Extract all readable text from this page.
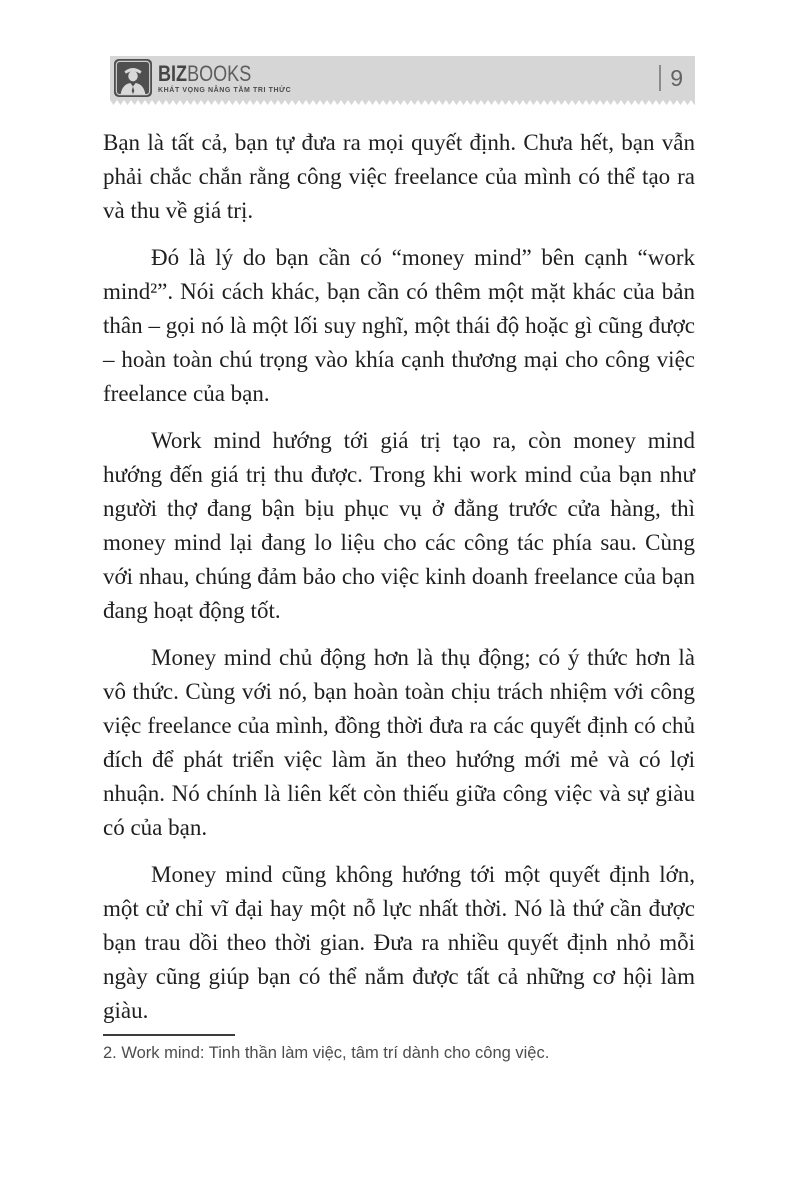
BIZBOOKS
KHÁT VỌNG NÂNG TẦM TRI THỨC	9

Bạn là tất cả, bạn tự đưa ra mọi quyết định. Chưa hết, bạn vẫn phải chắc chắn rằng công việc freelance của mình có thể tạo ra và thu về giá trị.

Đó là lý do bạn cần có “money mind” bên cạnh “work mind²”. Nói cách khác, bạn cần có thêm một mặt khác của bản thân – gọi nó là một lối suy nghĩ, một thái độ hoặc gì cũng được – hoàn toàn chú trọng vào khía cạnh thương mại cho công việc freelance của bạn.

Work mind hướng tới giá trị tạo ra, còn money mind hướng đến giá trị thu được. Trong khi work mind của bạn như người thợ đang bận bịu phục vụ ở đằng trước cửa hàng, thì money mind lại đang lo liệu cho các công tác phía sau. Cùng với nhau, chúng đảm bảo cho việc kinh doanh freelance của bạn đang hoạt động tốt.

Money mind chủ động hơn là thụ động; có ý thức hơn là vô thức. Cùng với nó, bạn hoàn toàn chịu trách nhiệm với công việc freelance của mình, đồng thời đưa ra các quyết định có chủ đích để phát triển việc làm ăn theo hướng mới mẻ và có lợi nhuận. Nó chính là liên kết còn thiếu giữa công việc và sự giàu có của bạn.

Money mind cũng không hướng tới một quyết định lớn, một cử chỉ vĩ đại hay một nỗ lực nhất thời. Nó là thứ cần được bạn trau dồi theo thời gian. Đưa ra nhiều quyết định nhỏ mỗi ngày cũng giúp bạn có thể nắm được tất cả những cơ hội làm giàu.

2. Work mind: Tinh thần làm việc, tâm trí dành cho công việc.
